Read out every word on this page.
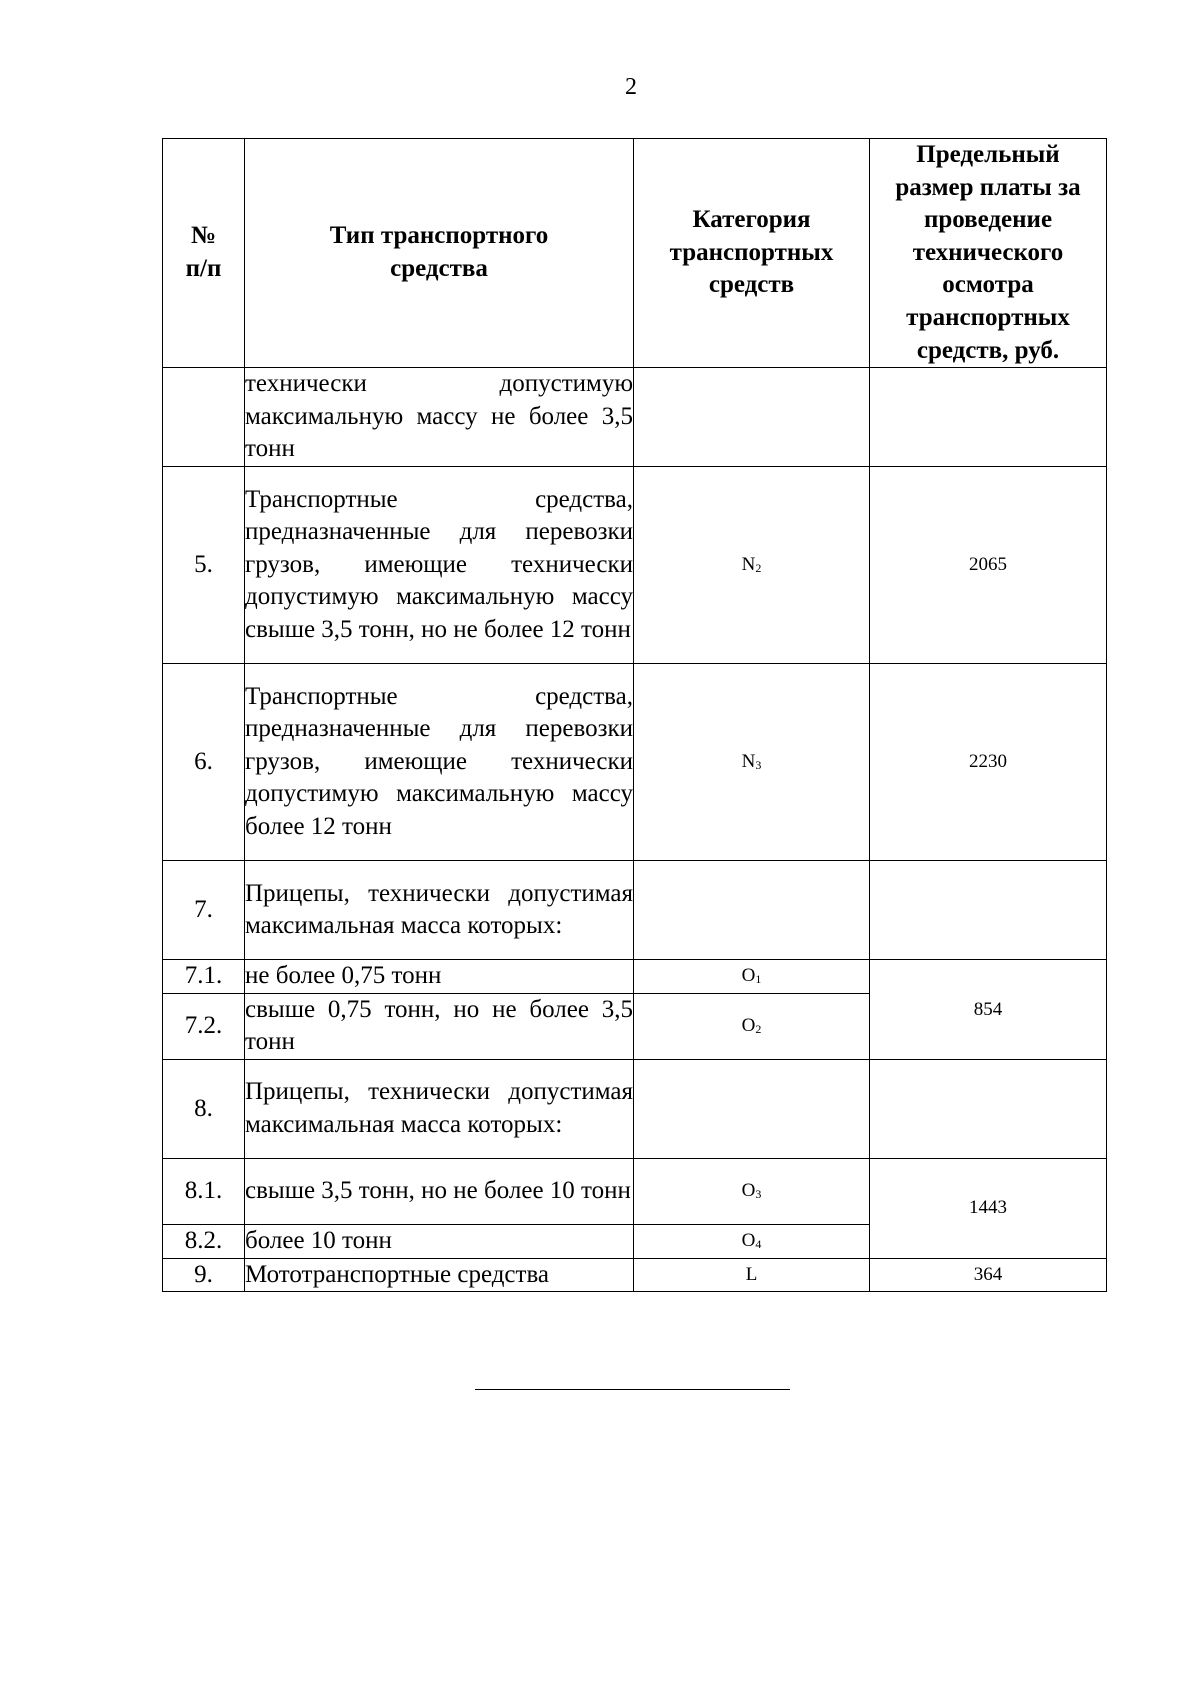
2
№ п/п	Тип транспортного средства	Категория транспортных средств	Предельный размер платы за проведение технического осмотра транспортных средств, руб.

	технически допустимую максимальную массу не более 3,5 тонн		

5.	Транспортные средства, предназначенные для перевозки грузов, имеющие технически допустимую максимальную массу свыше 3,5 тонн, но не более 12 тонн	$N_2$	2065
6.	Транспортные средства, предназначенные для перевозки грузов, имеющие технически допустимую максимальную массу более 12 тонн	$N_3$	2230
7.	Прицепы, технически допустимая максимальная масса которых:		

7.1.	не более 0,75 тонн	$O_1$	854
7.2.	свыше 0,75 тонн, но не более 3,5 тонн	$O_2$
8.	Прицепы, технически допустимая максимальная масса которых:		

8.1.	свыше 3,5 тонн, но не более 10 тонн	$O_3$	1443
8.2.	более 10 тонн	$O_4$
9.	Мототранспортные средства	L	364
